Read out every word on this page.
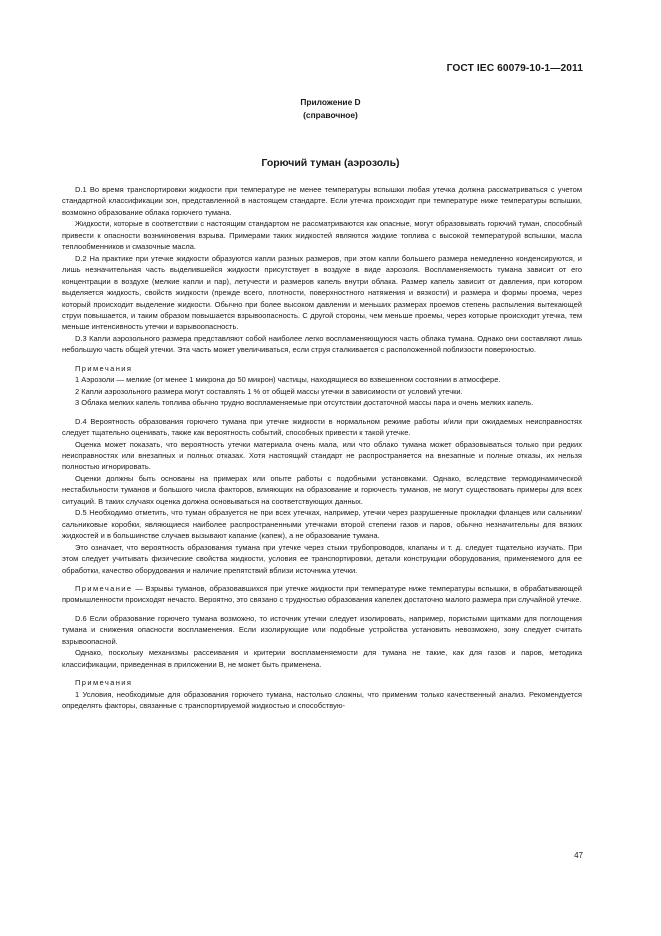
ГОСТ IEC 60079-10-1—2011
Приложение D
(справочное)
Горючий туман (аэрозоль)

D.1 Во время транспортировки жидкости при температуре не менее температуры вспышки любая утечка должна рассматриваться с учетом стандартной классификации зон, представленной в настоящем стандарте. Если утечка происходит при температуре ниже температуры вспышки, возможно образование облака горючего тумана.

Жидкости, которые в соответствии с настоящим стандартом не рассматриваются как опасные, могут образовывать горючий туман, способный привести к опасности возникновения взрыва. Примерами таких жидкостей являются жидкие топлива с высокой температурой вспышки, масла теплообменников и смазочные масла.

D.2 На практике при утечке жидкости образуются капли разных размеров, при этом капли большего размера немедленно конденсируются, и лишь незначительная часть выделившейся жидкости присутствует в воздухе в виде аэрозоля. Воспламеняемость тумана зависит от его концентрации в воздухе (мелкие капли и пар), летучести и размеров капель внутри облака. Размер капель зависит от давления, при котором выделяется жидкость, свойств жидкости (прежде всего, плотности, поверхностного натяжения и вязкости) и размера и формы проема, через который происходит выделение жидкости. Обычно при более высоком давлении и меньших размерах проемов степень распыления вытекающей струи повышается, и таким образом повышается взрывоопасность. С другой стороны, чем меньше проемы, через которые происходит утечка, тем меньше интенсивность утечки и взрывоопасность.

D.3 Капли аэрозольного размера представляют собой наиболее легко воспламеняющуюся часть облака тумана. Однако они составляют лишь небольшую часть общей утечки. Эта часть может увеличиваться, если струя сталкивается с расположенной поблизости поверхностью.

Примечания

1 Аэрозоли — мелкие (от менее 1 микрона до 50 микрон) частицы, находящиеся во взвешенном состоянии в атмосфере.

2 Капли аэрозольного размера могут составлять 1 % от общей массы утечки в зависимости от условий утечки.

3 Облака мелких капель топлива обычно трудно воспламеняемые при отсутствии достаточной массы пара и очень мелких капель.

D.4 Вероятность образования горючего тумана при утечке жидкости в нормальном режиме работы и/или при ожидаемых неисправностях следует тщательно оценивать, также как вероятность событий, способных привести к такой утечке.

Оценка может показать, что вероятность утечки материала очень мала, или что облако тумана может образовываться только при редких неисправностях или внезапных и полных отказах. Хотя настоящий стандарт не распространяется на внезапные и полные отказы, их нельзя полностью игнорировать.

Оценки должны быть основаны на примерах или опыте работы с подобными установками. Однако, вследствие термодинамической нестабильности туманов и большого числа факторов, влияющих на образование и горючесть туманов, не могут существовать примеры для всех ситуаций. В таких случаях оценка должна основываться на соответствующих данных.

D.5 Необходимо отметить, что туман образуется не при всех утечках, например, утечки через разрушенные прокладки фланцев или сальники/сальниковые коробки, являющиеся наиболее распространенными утечками второй степени газов и паров, обычно незначительны для вязких жидкостей и в большинстве случаев вызывают капание (капеж), а не образование тумана.

Это означает, что вероятность образования тумана при утечке через стыки трубопроводов, клапаны и т. д. следует тщательно изучать. При этом следует учитывать физические свойства жидкости, условия ее транспортировки, детали конструкции оборудования, применяемого для ее обработки, качество оборудования и наличие препятствий вблизи источника утечки.

Примечание — Взрывы туманов, образовавшихся при утечке жидкости при температуре ниже температуры вспышки, в обрабатывающей промышленности происходят нечасто. Вероятно, это связано с трудностью образования капелек достаточно малого размера при случайной утечке.

D.6 Если образование горючего тумана возможно, то источник утечки следует изолировать, например, пористыми щитками для поглощения тумана и снижения опасности воспламенения. Если изолирующие или подобные устройства установить невозможно, зону следует считать взрывоопасной.

Однако, поскольку механизмы рассеивания и критерии воспламеняемости для тумана не такие, как для газов и паров, методика классификации, приведенная в приложении B, не может быть применена.

Примечания

1 Условия, необходимые для образования горючего тумана, настолько сложны, что применим только качественный анализ. Рекомендуется определять факторы, связанные с транспортируемой жидкостью и способствую-

47
